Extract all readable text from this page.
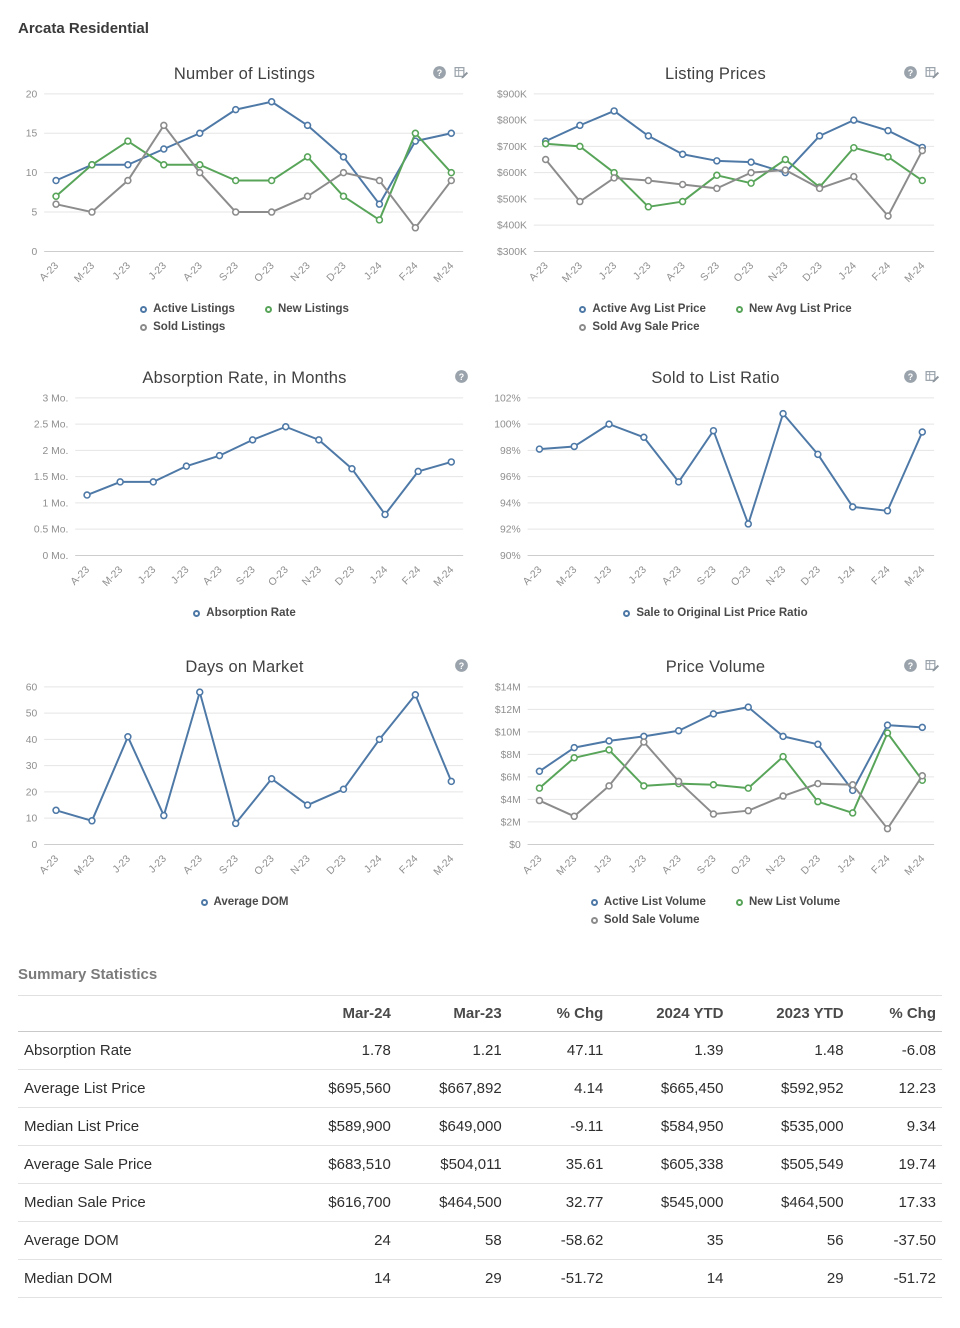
Arcata Residential
Number of Listings	?
0
5
10
15
20
A-23 M-23 J-23 J-23 A-23 S-23 O-23 N-23 D-23 J-24 F-24 M-24
Active Listings	New Listings
Sold Listings
Listing Prices	?
$300K
$400K
$500K
$600K
$700K
$800K
$900K
A-23 M-23 J-23 J-23 A-23 S-23 O-23 N-23 D-23 J-24 F-24 M-24
Active Avg List Price	New Avg List Price
Sold Avg Sale Price
Absorption Rate, in Months	?
0 Mo.
0.5 Mo.
1 Mo.
1.5 Mo.
2 Mo.
2.5 Mo.
3 Mo.
A-23 M-23 J-23 J-23 A-23 S-23 O-23 N-23 D-23 J-24 F-24 M-24
Absorption Rate
Sold to List Ratio	?
90%
92%
94%
96%
98%
100%
102%
A-23 M-23 J-23 J-23 A-23 S-23 O-23 N-23 D-23 J-24 F-24 M-24
Sale to Original List Price Ratio
Days on Market	?
0
10
20
30
40
50
60
A-23 M-23 J-23 J-23 A-23 S-23 O-23 N-23 D-23 J-24 F-24 M-24
Average DOM
Price Volume	?
$0
$2M
$4M
$6M
$8M
$10M
$12M
$14M
A-23 M-23 J-23 J-23 A-23 S-23 O-23 N-23 D-23 J-24 F-24 M-24
Active List Volume	New List Volume
Sold Sale Volume
Summary Statistics
	Mar-24	Mar-23	% Chg	2024 YTD	2023 YTD	% Chg
Absorption Rate	1.78	1.21	47.11	1.39	1.48	-6.08
Average List Price	$695,560	$667,892	4.14	$665,450	$592,952	12.23
Median List Price	$589,900	$649,000	-9.11	$584,950	$535,000	9.34
Average Sale Price	$683,510	$504,011	35.61	$605,338	$505,549	19.74
Median Sale Price	$616,700	$464,500	32.77	$545,000	$464,500	17.33
Average DOM	24	58	-58.62	35	56	-37.50
Median DOM	14	29	-51.72	14	29	-51.72
